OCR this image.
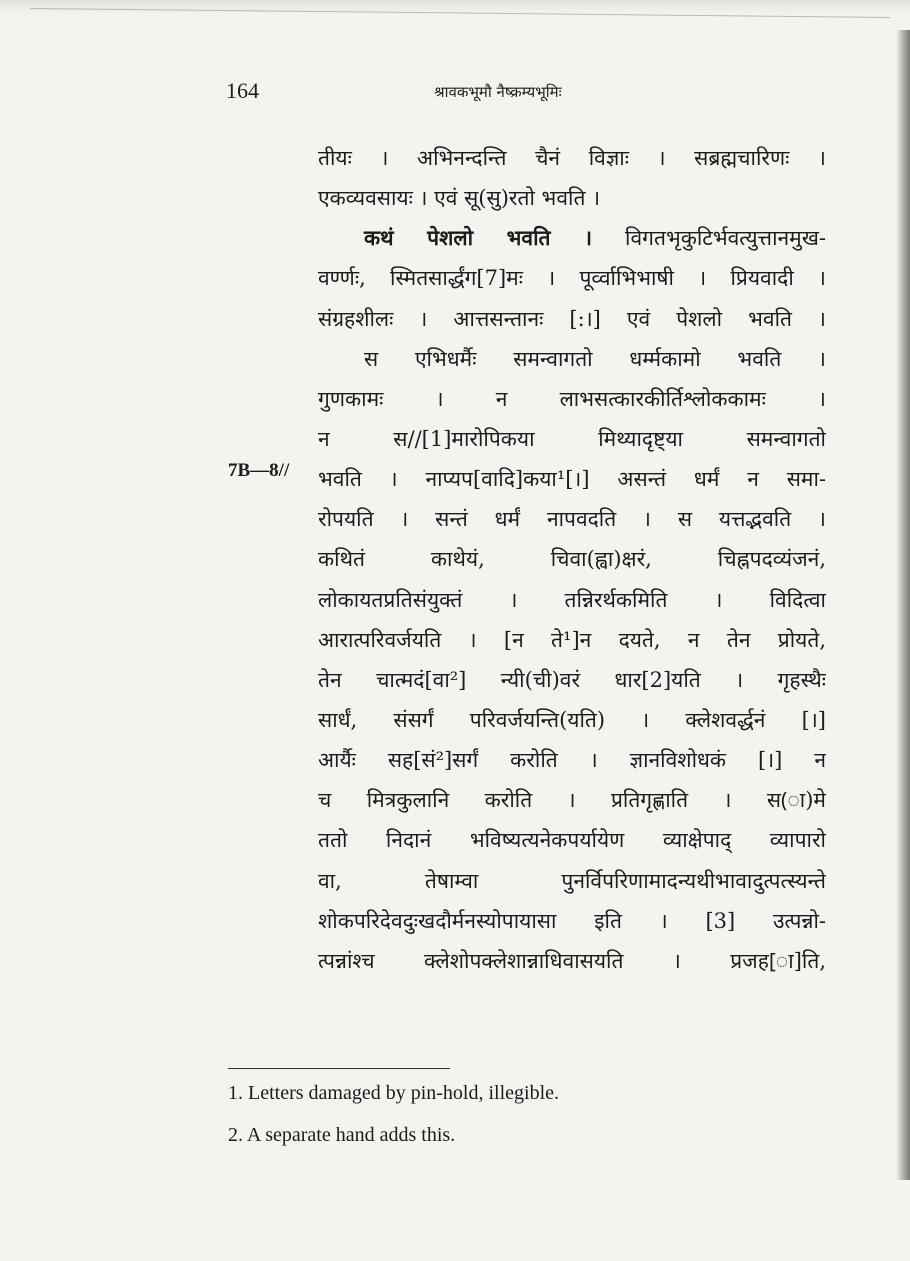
164	श्रावकभूमौ नैष्क्रम्यभूमिः
7B—8//
तीयः । अभिनन्दन्ति चैनं विज्ञाः । सब्रह्मचारिणः ।
एकव्यवसायः । एवं सू(सु)रतो भवति ।
कथं पेशलो भवति । विगतभृकुटिर्भवत्युत्तानमुख-
वर्ण्णः, स्मितसार्द्धंग[7]मः । पूर्व्वाभिभाषी । प्रियवादी ।
संग्रहशीलः । आत्तसन्तानः [:।] एवं पेशलो भवति ।
स एभिधर्मैः समन्वागतो धर्म्मकामो भवति ।
गुणकामः । न लाभसत्कारकीर्तिश्लोककामः ।
न स//[1]मारोपिकया मिथ्यादृष्ट्या समन्वागतो
भवति । नाप्यप[वादि]कया¹[।] असन्तं धर्मं न समा-
रोपयति । सन्तं धर्मं नापवदति । स यत्तद्भवति ।
कथितं काथेयं, चिवा(ह्वा)क्षरं, चिह्नपदव्यंजनं,
लोकायतप्रतिसंयुक्तं । तन्निरर्थकमिति । विदित्वा
आरात्परिवर्जयति । [न ते¹]न दयते, न तेन प्रोयते,
तेन चात्मदं[वा²] न्यी(ची)वरं धार[2]यति । गृहस्थैः
सार्धं, संसर्गं परिवर्जयन्ति(यति) । क्लेशवर्द्धनं [।]
आर्यैः सह[सं²]सर्गं करोति । ज्ञानविशोधकं [।] न
च मित्रकुलानि करोति । प्रतिगृह्णाति । स(ा)मे
ततो निदानं भविष्यत्यनेकपर्यायेण व्याक्षेपाद् व्यापारो
वा, तेषाम्वा पुनर्विपरिणामादन्यथीभावादुत्पत्स्यन्ते
शोकपरिदेवदुःखदौर्मनस्योपायासा इति । [3] उत्पन्नो-
त्पन्नांश्च क्लेशोपक्लेशान्नाधिवासयति । प्रजह[ा]ति,
1. Letters damaged by pin-hold, illegible.
2. A separate hand adds this.
